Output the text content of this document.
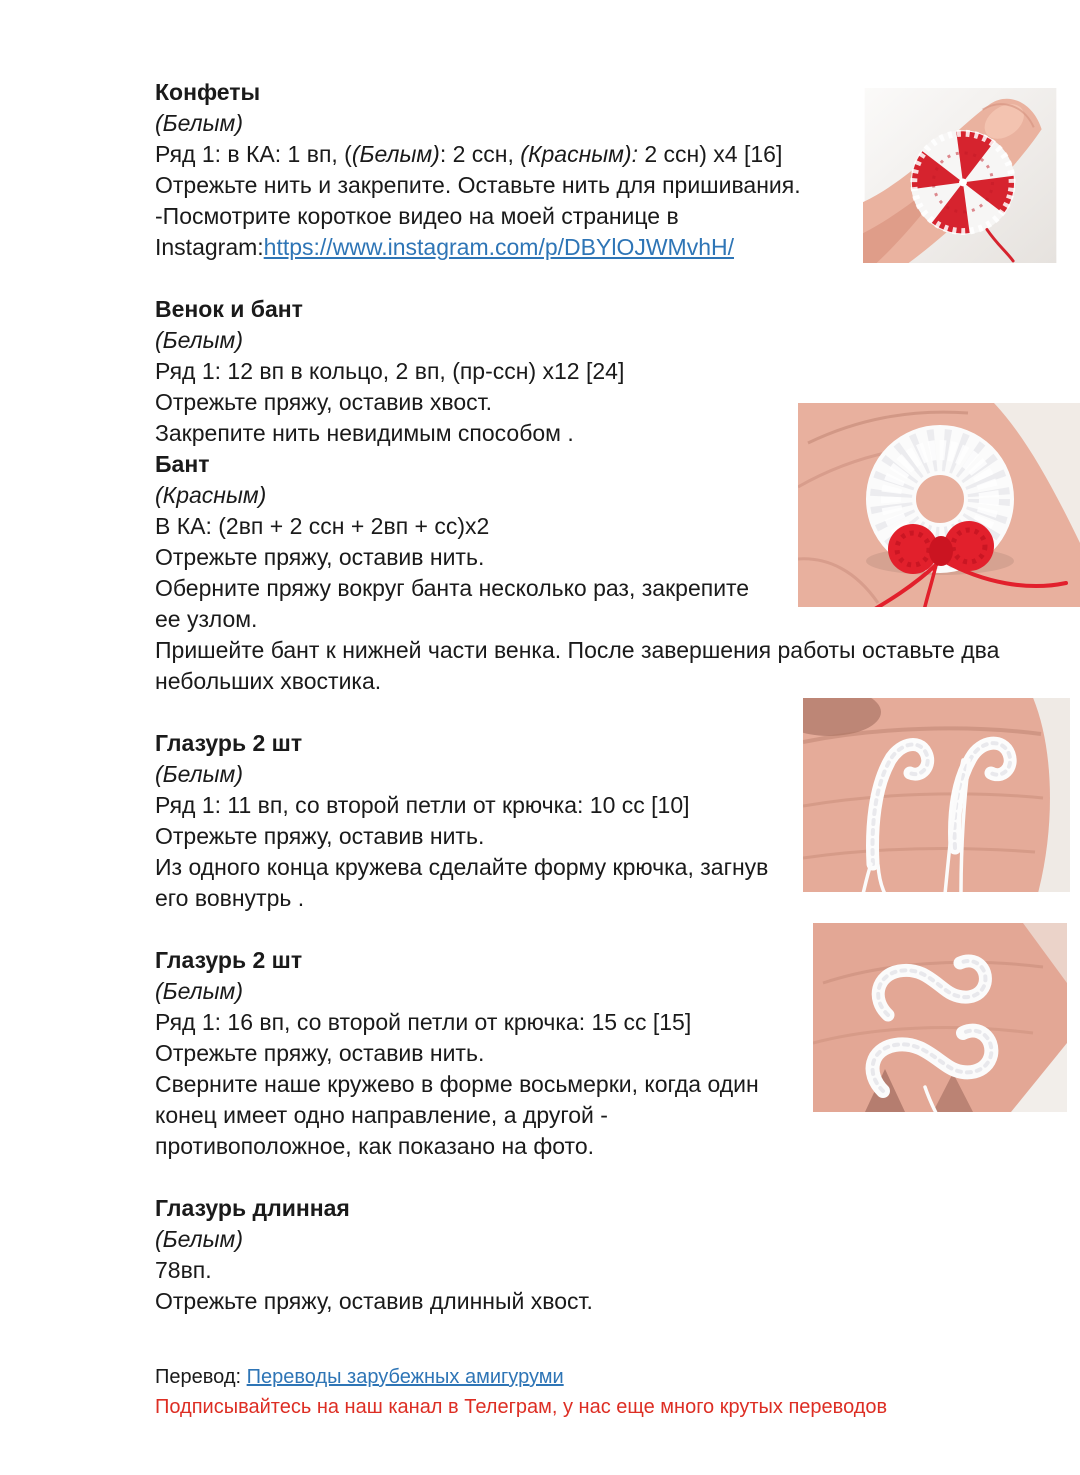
Конфеты

(Белым)

Ряд 1: в КА: 1 вп, ((Белым): 2 ссн, (Красным): 2 ссн) x4 [16]

Отрежьте нить и закрепите. Оставьте нить для пришивания.

-Посмотрите короткое видео на моей странице в

Instagram:https://www.instagram.com/p/DBYlOJWMvhH/

Венок и бант

(Белым)

Ряд 1: 12 вп в кольцо, 2 вп, (пр-ссн) x12 [24]

Отрежьте пряжу, оставив хвост.

Закрепите нить невидимым способом .

Бант

(Красным)

В КА: (2вп + 2 ссн + 2вп + сс)x2

Отрежьте пряжу, оставив нить.

Оберните пряжу вокруг банта несколько раз, закрепите

ее узлом.

Пришейте бант к нижней части венка. После завершения работы оставьте два

небольших хвостика.

Глазурь 2 шт

(Белым)

Ряд 1: 11 вп, со второй петли от крючка: 10 сс [10]

Отрежьте пряжу, оставив нить.

Из одного конца кружева сделайте форму крючка, загнув

его вовнутрь .

Глазурь 2 шт

(Белым)

Ряд 1: 16 вп, со второй петли от крючка: 15 сс [15]

Отрежьте пряжу, оставив нить.

Сверните наше кружево в форме восьмерки, когда один

конец имеет одно направление, а другой -

противоположное, как показано на фото.

Глазурь длинная

(Белым)

78вп.

Отрежьте пряжу, оставив длинный хвост.

Перевод: Переводы зарубежных амигуруми

Подписывайтесь на наш канал в Телеграм, у нас еще много крутых переводов
